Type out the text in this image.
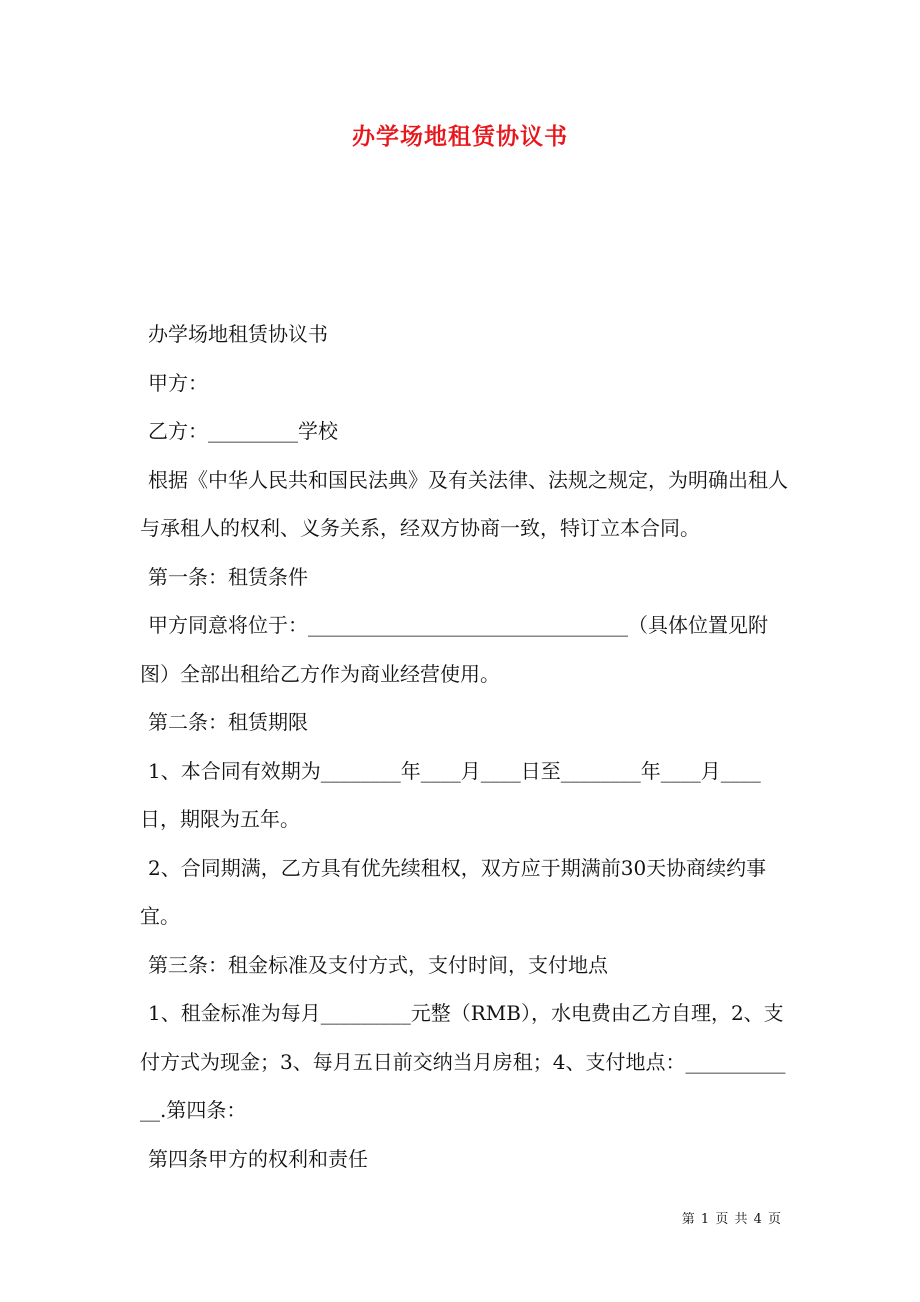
办学场地租赁协议书

办学场地租赁协议书

甲方：

乙方：_________学校

根据《中华人民共和国民法典》及有关法律、法规之规定，为明确出租人与承租人的权利、义务关系，经双方协商一致，特订立本合同。

第一条：租赁条件

甲方同意将位于：________________________________（具体位置见附图）全部出租给乙方作为商业经营使用。

第二条：租赁期限

1、本合同有效期为________年____月____日至________年____月____日，期限为五年。

2、合同期满，乙方具有优先续租权，双方应于期满前30天协商续约事宜。

第三条：租金标准及支付方式，支付时间，支付地点

1、租金标准为每月_________元整（RMB），水电费由乙方自理，2、支付方式为现金；3、每月五日前交纳当月房租；4、支付地点：____________.第四条：

第四条甲方的权利和责任

第 1 页 共 4 页
